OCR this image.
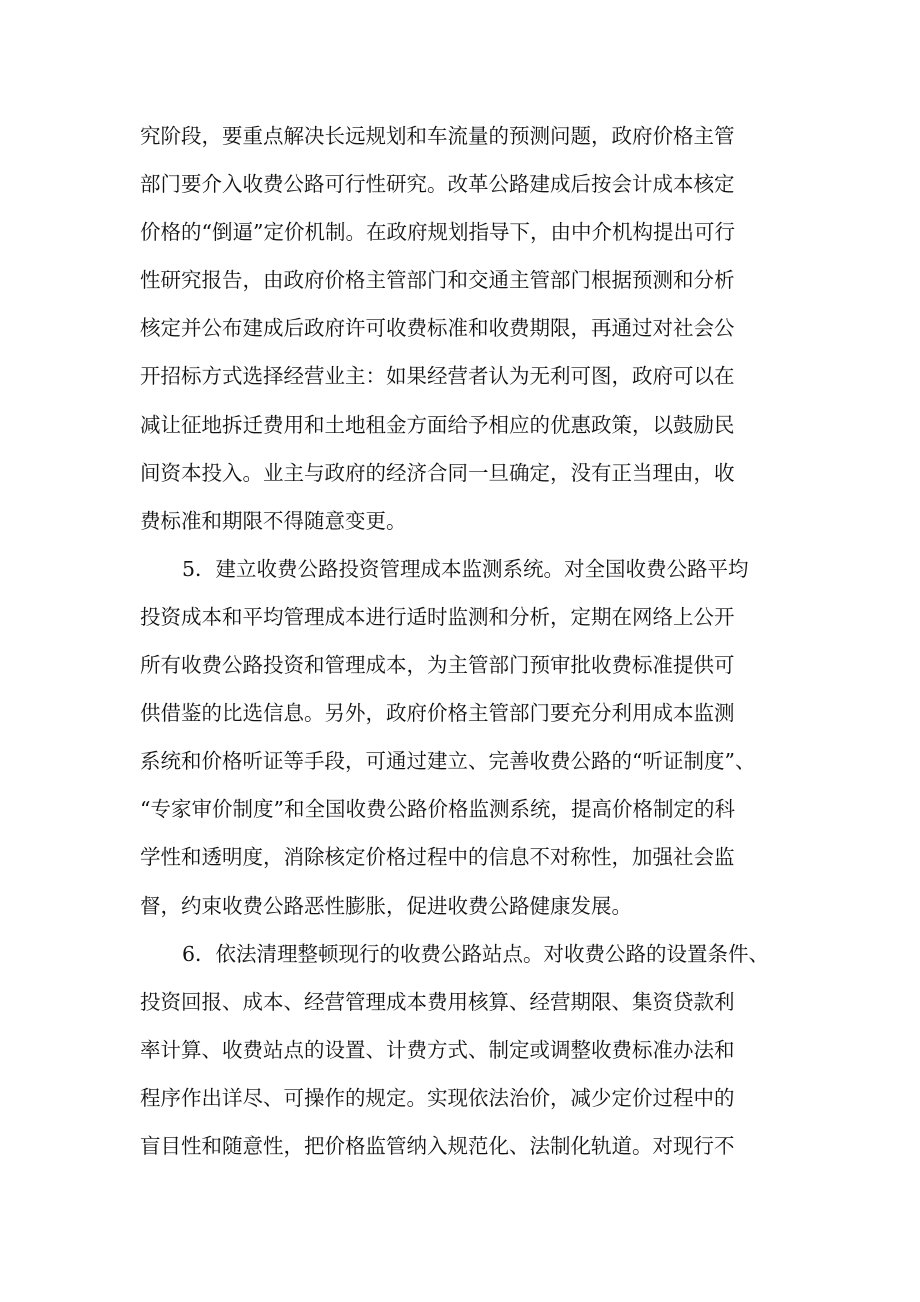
究阶段，要重点解决长远规划和车流量的预测问题，政府价格主管
部门要介入收费公路可行性研究。改革公路建成后按会计成本核定
价格的“倒逼”定价机制。在政府规划指导下，由中介机构提出可行
性研究报告，由政府价格主管部门和交通主管部门根据预测和分析
核定并公布建成后政府许可收费标准和收费期限，再通过对社会公
开招标方式选择经营业主：如果经营者认为无利可图，政府可以在
减让征地拆迁费用和土地租金方面给予相应的优惠政策，以鼓励民
间资本投入。业主与政府的经济合同一旦确定，没有正当理由，收
费标准和期限不得随意变更。
5．建立收费公路投资管理成本监测系统。对全国收费公路平均
投资成本和平均管理成本进行适时监测和分析，定期在网络上公开
所有收费公路投资和管理成本，为主管部门预审批收费标准提供可
供借鉴的比选信息。另外，政府价格主管部门要充分利用成本监测
系统和价格听证等手段，可通过建立、完善收费公路的“听证制度”、
“专家审价制度”和全国收费公路价格监测系统，提高价格制定的科
学性和透明度，消除核定价格过程中的信息不对称性，加强社会监
督，约束收费公路恶性膨胀，促进收费公路健康发展。
6．依法清理整顿现行的收费公路站点。对收费公路的设置条件、
投资回报、成本、经营管理成本费用核算、经营期限、集资贷款利
率计算、收费站点的设置、计费方式、制定或调整收费标准办法和
程序作出详尽、可操作的规定。实现依法治价，减少定价过程中的
盲目性和随意性，把价格监管纳入规范化、法制化轨道。对现行不
